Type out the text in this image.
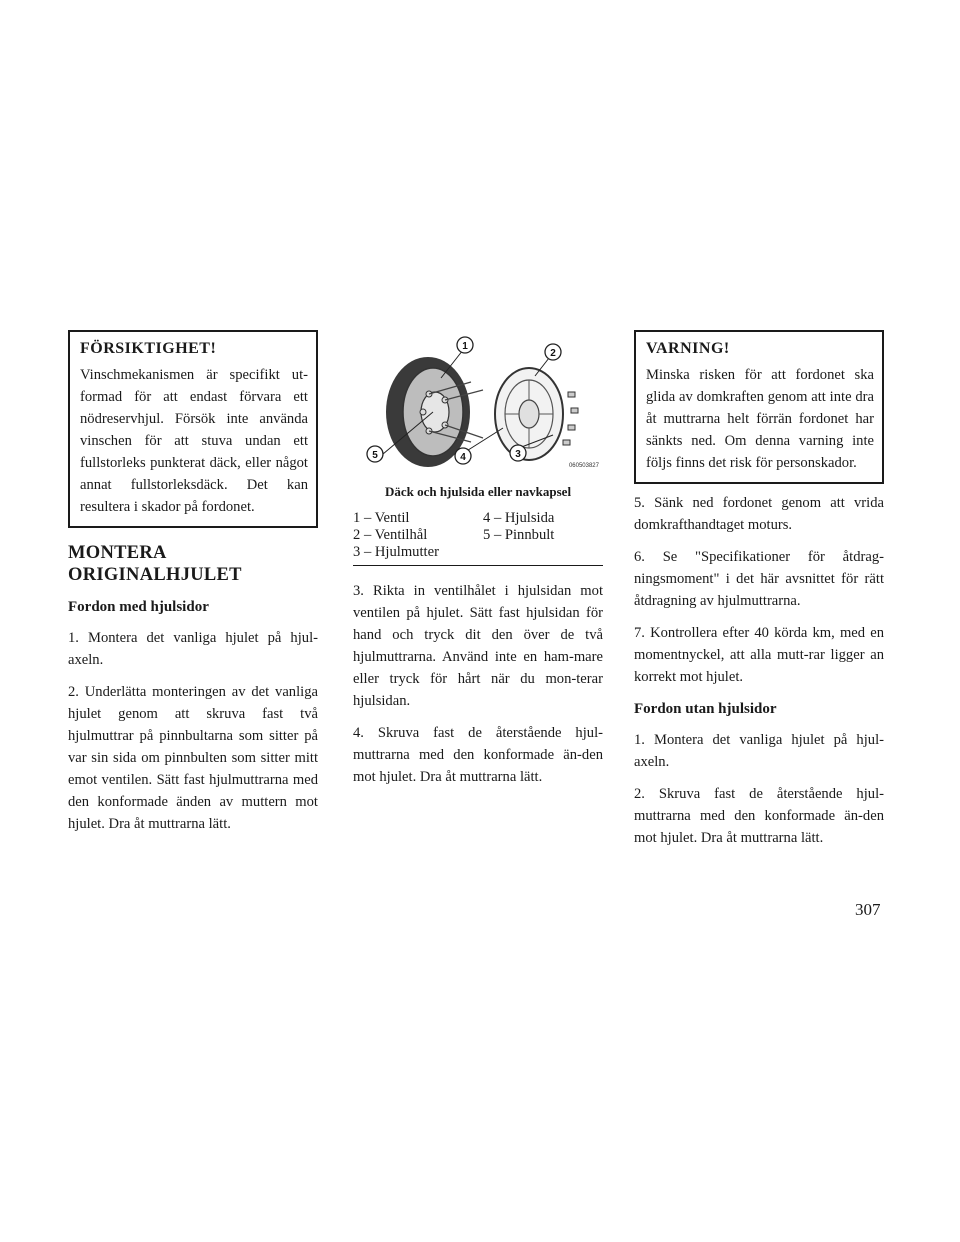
FÖRSIKTIGHET!
Vinschmekanismen är specifikt ut-formad för att endast förvara ett nödreservhjul. Försök inte använda vinschen för att stuva undan ett fullstorleks punkterat däck, eller något annat fullstorleksdäck. Det kan resultera i skador på fordonet.
MONTERA ORIGINALHJULET
Fordon med hjulsidor

1. Montera det vanliga hjulet på hjul-axeln.

2. Underlätta monteringen av det vanliga hjulet genom att skruva fast två hjulmuttrar på pinnbultarna som sitter på var sin sida om pinnbulten som sitter mitt emot ventilen. Sätt fast hjulmuttrarna med den konformade änden av muttern mot hjulet. Dra åt muttrarna lätt.

1
2
3
4
5
060503827
Däck och hjulsida eller navkapsel
1 – Ventil	4 – Hjulsida
2 – Ventilhål	5 – Pinnbult
3 – Hjulmutter

3. Rikta in ventilhålet i hjulsidan mot ventilen på hjulet. Sätt fast hjulsidan för hand och tryck dit den över de två hjulmuttrarna. Använd inte en ham-mare eller tryck för hårt när du mon-terar hjulsidan.

4. Skruva fast de återstående hjul-muttrarna med den konformade än-den mot hjulet. Dra åt muttrarna lätt.

VARNING!
Minska risken för att fordonet ska glida av domkraften genom att inte dra åt muttrarna helt förrän fordonet har sänkts ned. Om denna varning inte följs finns det risk för personskador.

5. Sänk ned fordonet genom att vrida domkrafthandtaget moturs.

6. Se "Specifikationer för åtdrag-ningsmoment" i det här avsnittet för rätt åtdragning av hjulmuttrarna.

7. Kontrollera efter 40 körda km, med en momentnyckel, att alla mutt-rar ligger an korrekt mot hjulet.

Fordon utan hjulsidor

1. Montera det vanliga hjulet på hjul-axeln.

2. Skruva fast de återstående hjul-muttrarna med den konformade än-den mot hjulet. Dra åt muttrarna lätt.

307
